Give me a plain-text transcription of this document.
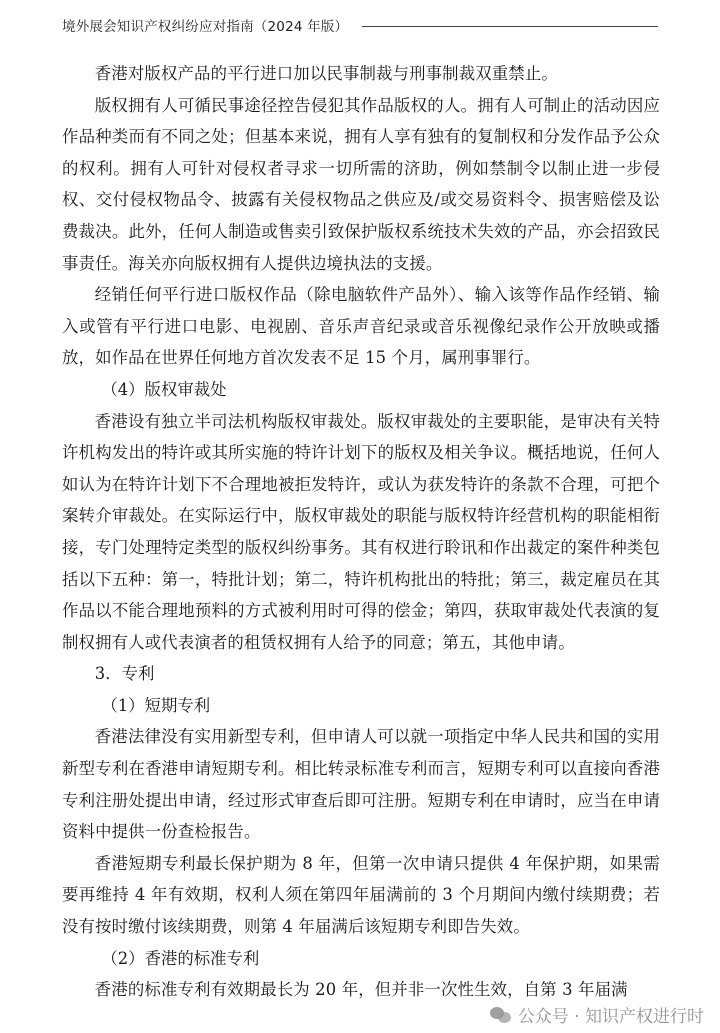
境外展会知识产权纠纷应对指南（2024 年版）

香港对版权产品的平行进口加以民事制裁与刑事制裁双重禁止。

版权拥有人可循民事途径控告侵犯其作品版权的人。拥有人可制止的活动因应作品种类而有不同之处；但基本来说，拥有人享有独有的复制权和分发作品予公众的权利。拥有人可针对侵权者寻求一切所需的济助，例如禁制令以制止进一步侵权、交付侵权物品令、披露有关侵权物品之供应及/或交易资料令、损害赔偿及讼费裁决。此外，任何人制造或售卖引致保护版权系统技术失效的产品，亦会招致民事责任。海关亦向版权拥有人提供边境执法的支援。

经销任何平行进口版权作品（除电脑软件产品外）、输入该等作品作经销、输入或管有平行进口电影、电视剧、音乐声音纪录或音乐视像纪录作公开放映或播放，如作品在世界任何地方首次发表不足 15 个月，属刑事罪行。

（4）版权审裁处

香港设有独立半司法机构版权审裁处。版权审裁处的主要职能，是审决有关特许机构发出的特许或其所实施的特许计划下的版权及相关争议。概括地说，任何人如认为在特许计划下不合理地被拒发特许，或认为获发特许的条款不合理，可把个案转介审裁处。在实际运行中，版权审裁处的职能与版权特许经营机构的职能相衔接，专门处理特定类型的版权纠纷事务。其有权进行聆讯和作出裁定的案件种类包括以下五种：第一，特批计划；第二，特许机构批出的特批；第三，裁定雇员在其作品以不能合理地预料的方式被利用时可得的偿金；第四，获取审裁处代表演的复制权拥有人或代表演者的租赁权拥有人给予的同意；第五，其他申请。

3．专利

（1）短期专利

香港法律没有实用新型专利，但申请人可以就一项指定中华人民共和国的实用新型专利在香港申请短期专利。相比转录标准专利而言，短期专利可以直接向香港专利注册处提出申请，经过形式审查后即可注册。短期专利在申请时，应当在申请资料中提供一份查检报告。

香港短期专利最长保护期为 8 年，但第一次申请只提供 4 年保护期，如果需要再维持 4 年有效期，权利人须在第四年届满前的 3 个月期间内缴付续期费；若没有按时缴付该续期费，则第 4 年届满后该短期专利即告失效。

（2）香港的标准专利

香港的标准专利有效期最长为 20 年，但并非一次性生效，自第 3 年届满

公众号 · 知识产权进行时
